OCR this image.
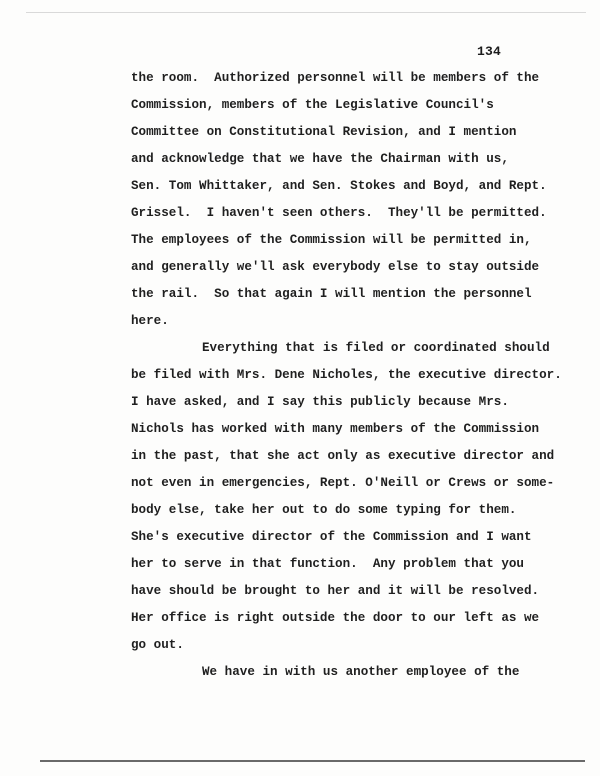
134
the room.  Authorized personnel will be members of the
Commission, members of the Legislative Council's
Committee on Constitutional Revision, and I mention
and acknowledge that we have the Chairman with us,
Sen. Tom Whittaker, and Sen. Stokes and Boyd, and Rept.
Grissel.  I haven't seen others.  They'll be permitted.
The employees of the Commission will be permitted in,
and generally we'll ask everybody else to stay outside
the rail.  So that again I will mention the personnel
here.
Everything that is filed or coordinated should
be filed with Mrs. Dene Nicholes, the executive director.
I have asked, and I say this publicly because Mrs.
Nichols has worked with many members of the Commission
in the past, that she act only as executive director and
not even in emergencies, Rept. O'Neill or Crews or some-
body else, take her out to do some typing for them.
She's executive director of the Commission and I want
her to serve in that function.  Any problem that you
have should be brought to her and it will be resolved.
Her office is right outside the door to our left as we
go out.
We have in with us another employee of the
